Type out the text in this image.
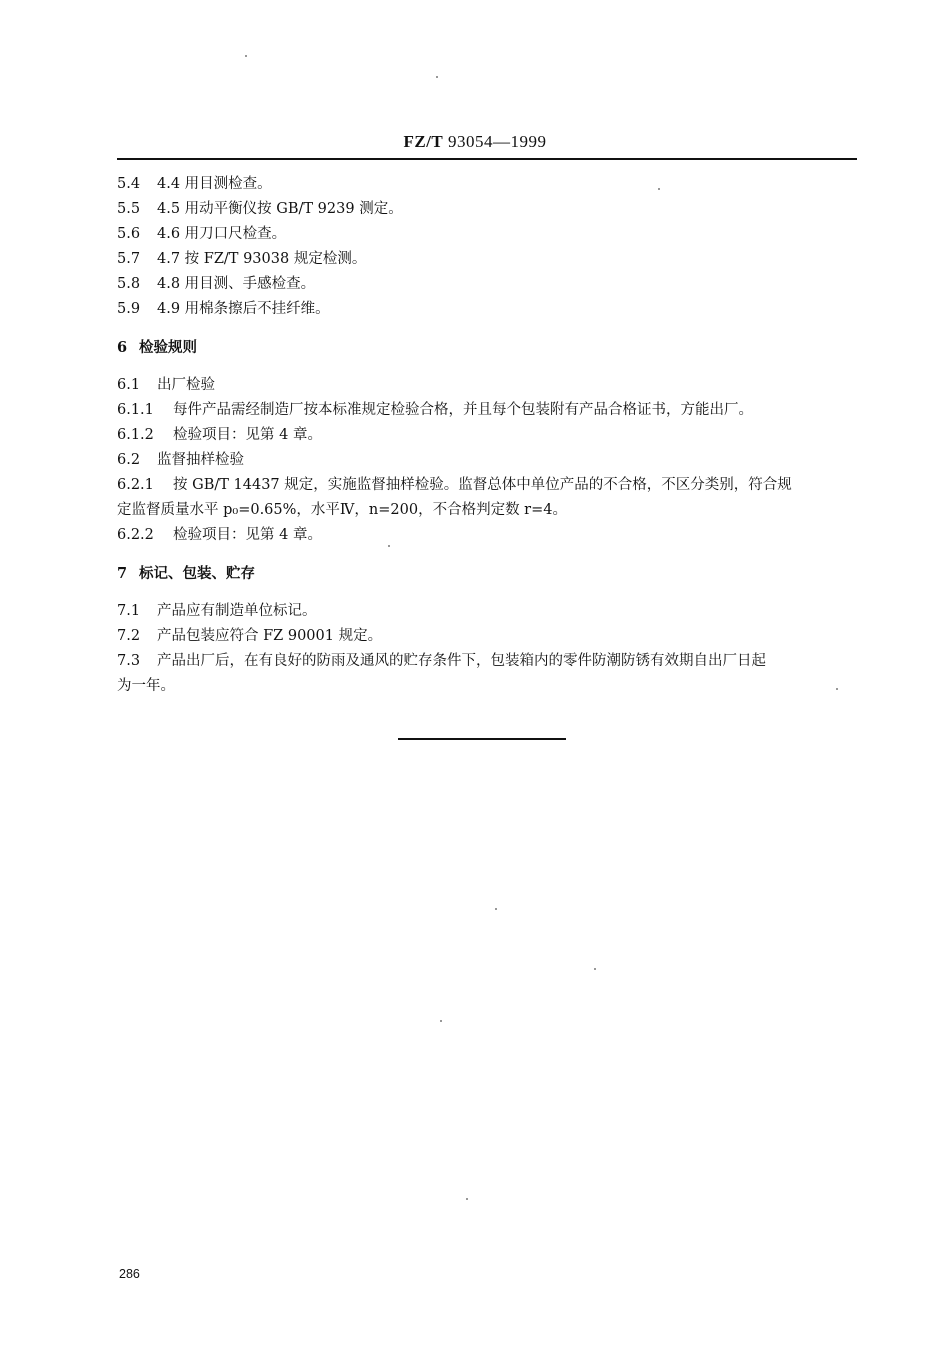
FZ/T 93054—1999
5.4 4.4 用目测检查。
5.5 4.5 用动平衡仪按 GB/T 9239 测定。
5.6 4.6 用刀口尺检查。
5.7 4.7 按 FZ/T 93038 规定检测。
5.8 4.8 用目测、手感检查。
5.9 4.9 用棉条擦后不挂纤维。
6 检验规则
6.1 出厂检验
6.1.1 每件产品需经制造厂按本标准规定检验合格，并且每个包装附有产品合格证书，方能出厂。
6.1.2 检验项目：见第 4 章。
6.2 监督抽样检验
6.2.1 按 GB/T 14437 规定，实施监督抽样检验。监督总体中单位产品的不合格，不区分类别，符合规
定监督质量水平 p₀=0.65%，水平Ⅳ，n=200，不合格判定数 r=4。
6.2.2 检验项目：见第 4 章。
7 标记、包装、贮存
7.1 产品应有制造单位标记。
7.2 产品包装应符合 FZ 90001 规定。
7.3 产品出厂后，在有良好的防雨及通风的贮存条件下，包装箱内的零件防潮防锈有效期自出厂日起
为一年。
286
